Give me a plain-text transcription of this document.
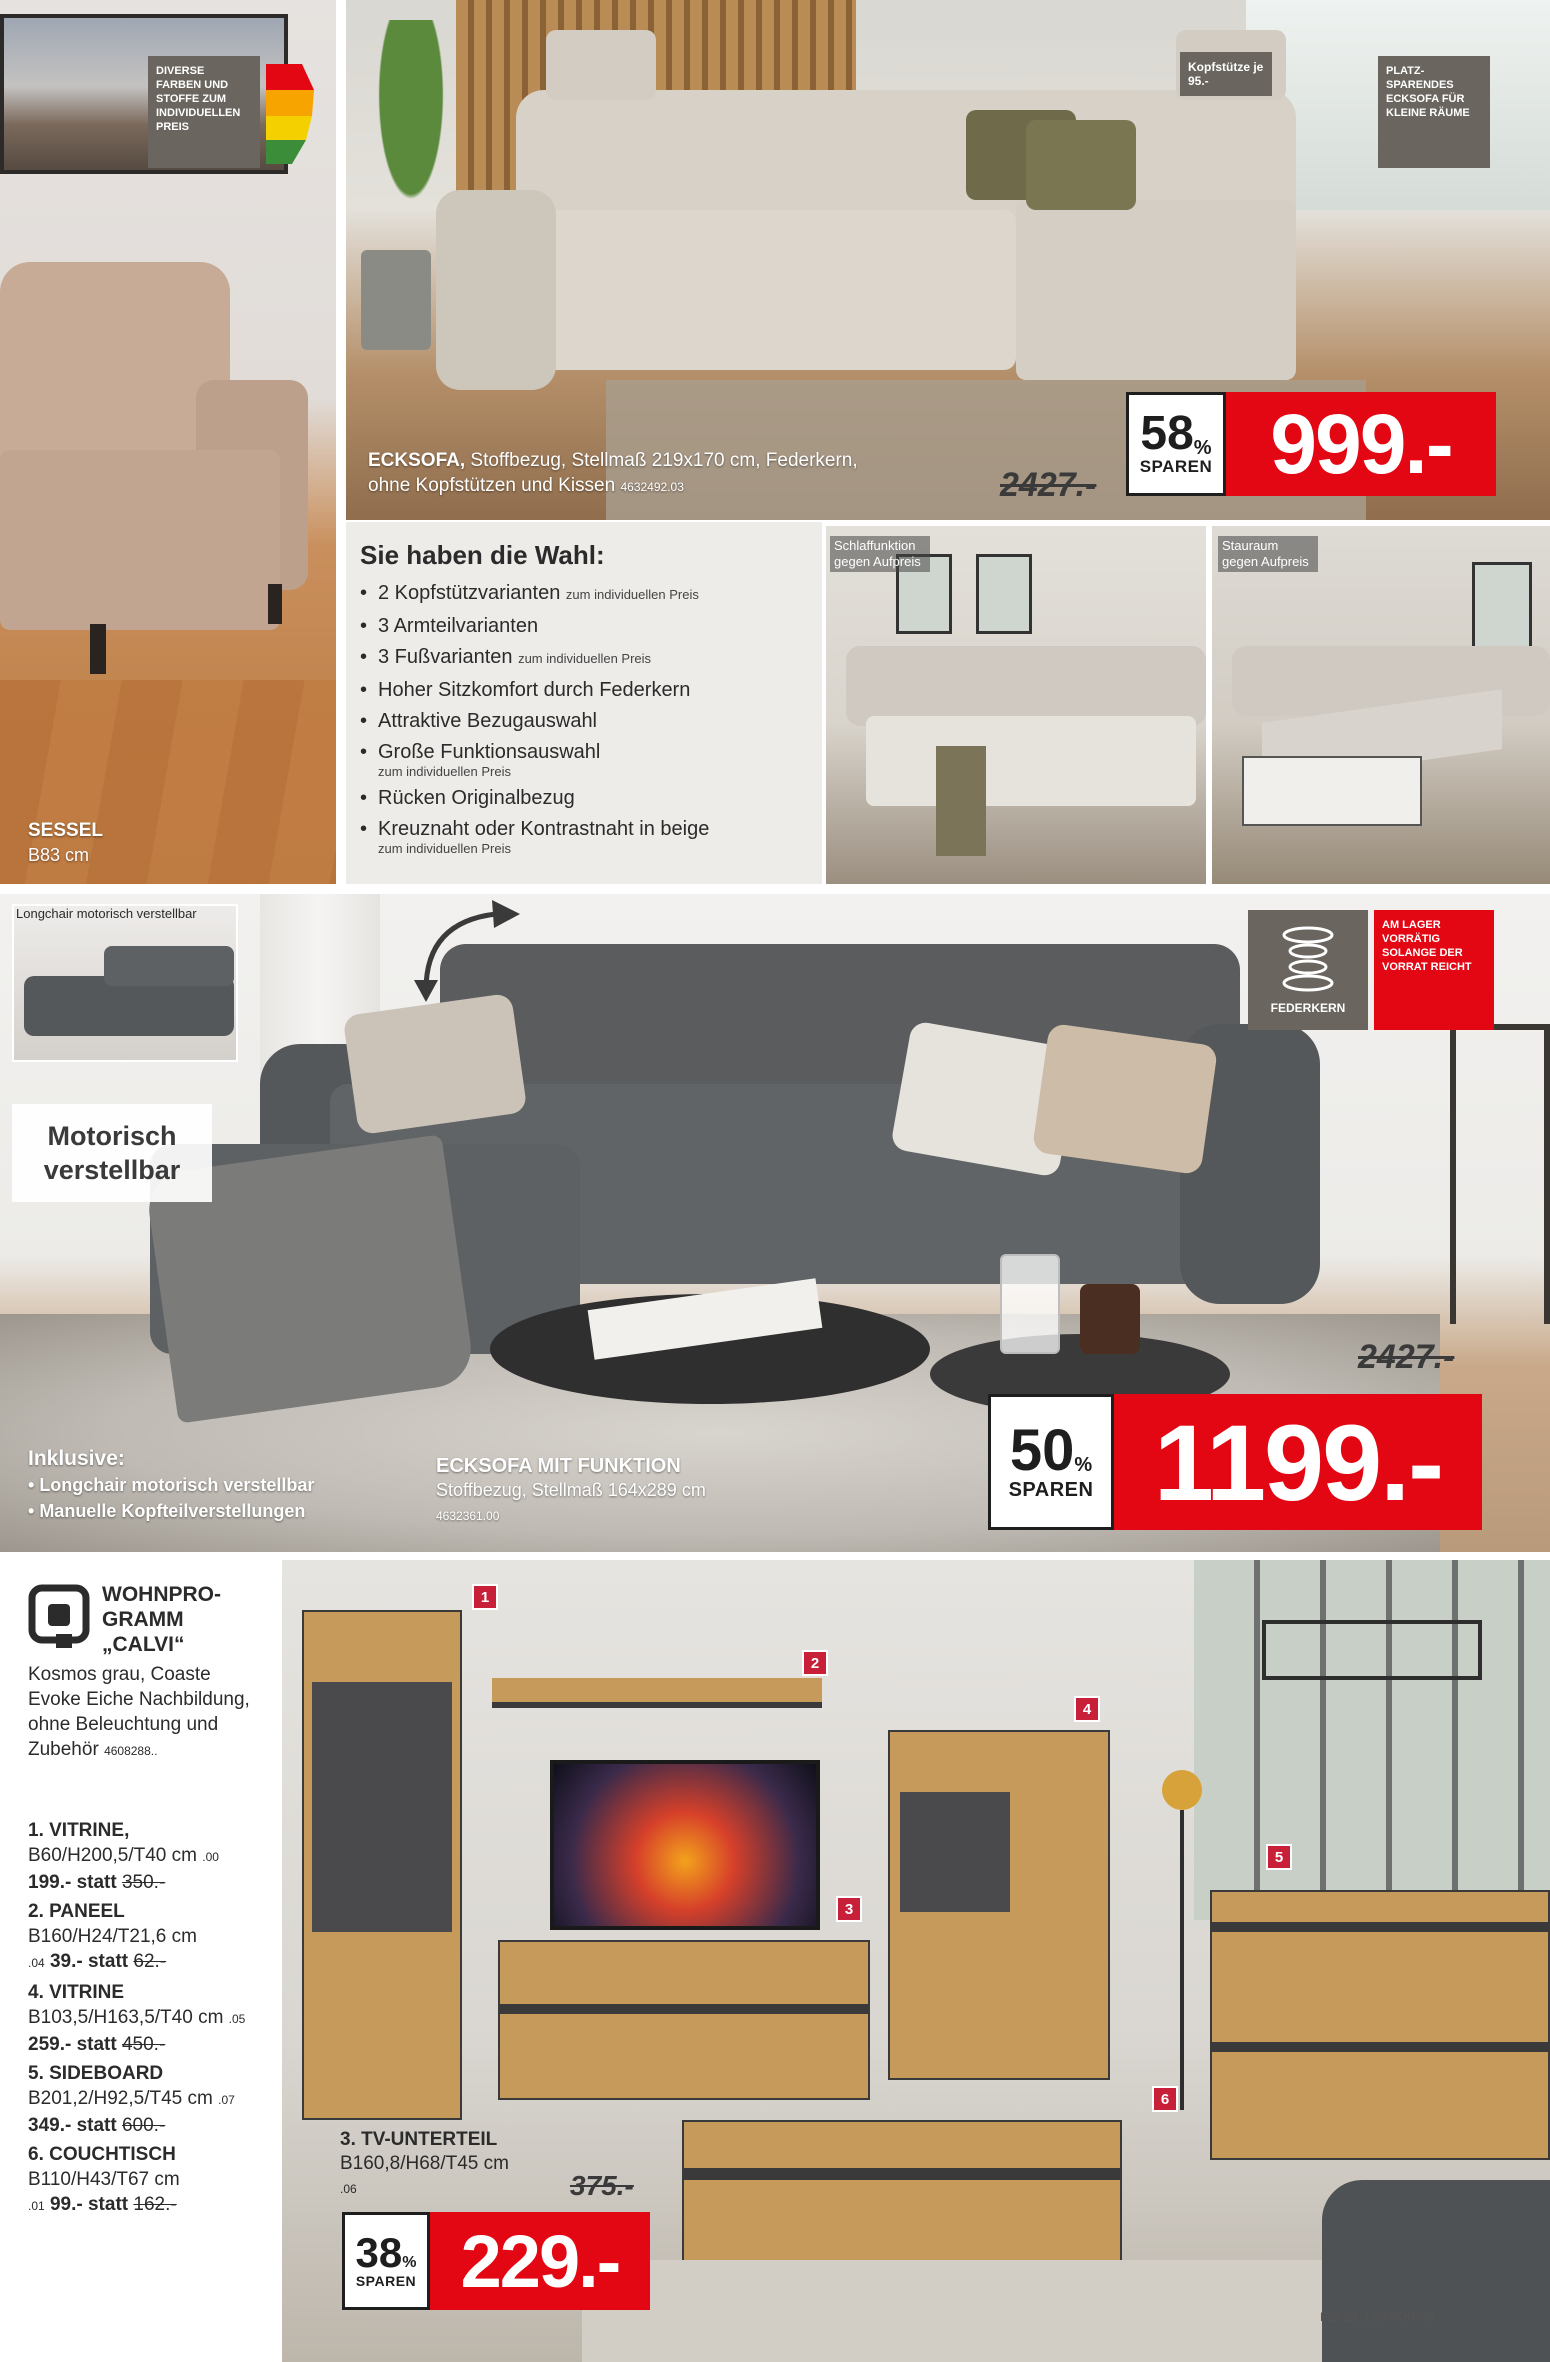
DIVERSE FARBEN UND STOFFE ZUM INDIVIDUELLEN PREIS
SESSEL
B83 cm
Kopfstütze je 95.-
PLATZ-SPARENDES ECKSOFA FÜR KLEINE RÄUME
ECKSOFA, Stoffbezug, Stellmaß 219x170 cm, Federkern, ohne Kopfstützen und Kissen 4632492.03	2427.-
58%
SPAREN 999.-
Sie haben die Wahl:
• 2 Kopfstützvarianten zum individuellen Preis
• 3 Armteilvarianten
• 3 Fußvarianten zum individuellen Preis
• Hoher Sitzkomfort durch Federkern
• Attraktive Bezugauswahl
• Große Funktionsauswahl
zum individuellen Preis
• Rücken Originalbezug
• Kreuznaht oder Kontrastnaht in beige
zum individuellen Preis
Schlaffunktion gegen Aufpreis
Stauraum gegen Aufpreis
Longchair motorisch verstellbar
Motorisch verstellbar
FEDERKERN
AM LAGER VORRÄTIG SOLANGE DER VORRAT REICHT
Inklusive:
• Longchair motorisch verstellbar
• Manuelle Kopfteilverstellungen
ECKSOFA MIT FUNKTION
Stoffbezug, Stellmaß 164x289 cm
4632361.00
2427.-
50%
SPAREN 1199.-
1
2
3
4
5
6
WOHNPRO-GRAMM „CALVI“
Kosmos grau, Coaste Evoke Eiche Nachbildung, ohne Beleuchtung und Zubehör 4608288..
1. VITRINE, B60/H200,5/T40 cm .00
199.- statt 350.-
2. PANEEL
B160/H24/T21,6 cm
.04 39.- statt 62.-
4. VITRINE
B103,5/H163,5/T40 cm .05
259.- statt 450.-
5. SIDEBOARD
B201,2/H92,5/T45 cm .07
349.- statt 600.-
6. COUCHTISCH
B110/H43/T67 cm
.01 99.- statt 162.-
3. TV-UNTERTEIL
B160,8/H68/T45 cm
.06	375.-
38%
SPAREN 229.-
P28-26_DIG/POR-39
